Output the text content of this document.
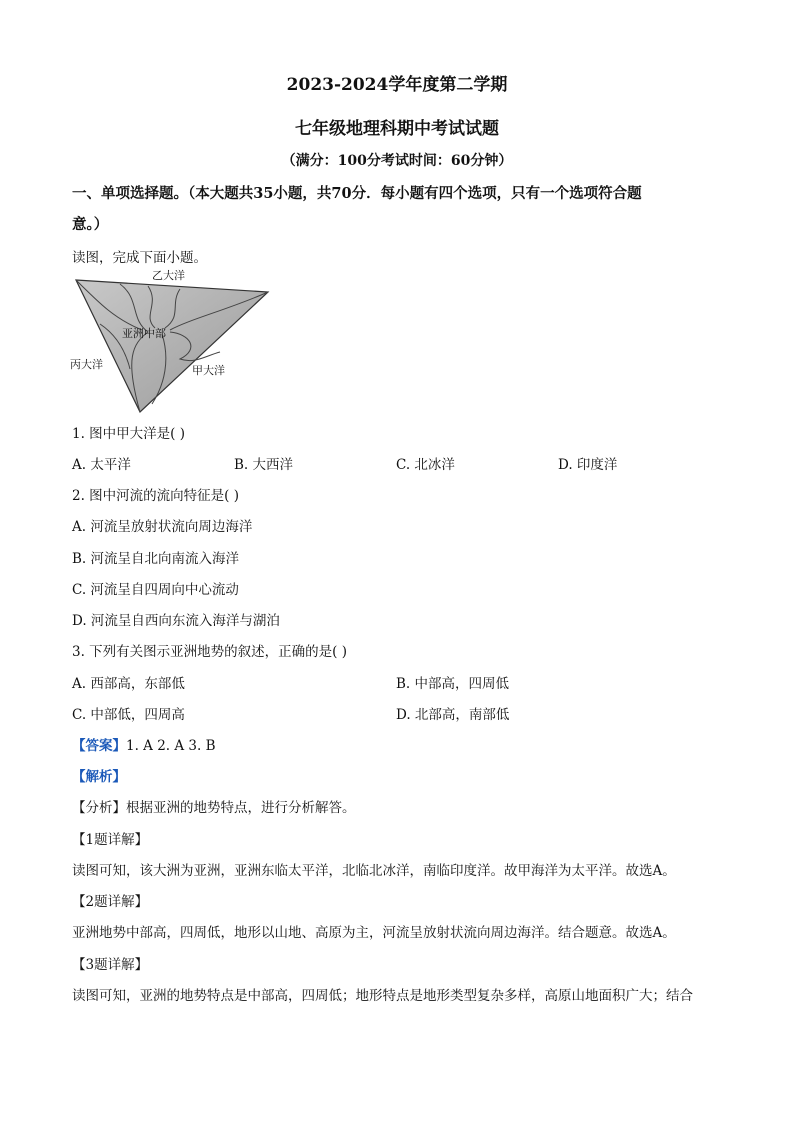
2023-2024学年度第二学期
七年级地理科期中考试试题
（满分：100分考试时间：60分钟）
一、单项选择题。（本大题共35小题，共70分．每小题有四个选项，只有一个选项符合题
意。）
读图，完成下面小题。
乙大洋
亚洲中部
丙大洋	甲大洋
1. 图中甲大洋是( )
A. 太平洋	B. 大西洋	C. 北冰洋	D. 印度洋
2. 图中河流的流向特征是( )
A. 河流呈放射状流向周边海洋
B. 河流呈自北向南流入海洋
C. 河流呈自四周向中心流动
D. 河流呈自西向东流入海洋与湖泊
3. 下列有关图示亚洲地势的叙述，正确的是( )
A. 西部高，东部低	B. 中部高，四周低
C. 中部低，四周高	D. 北部高，南部低
【答案】1. A 2. A 3. B
【解析】
【分析】根据亚洲的地势特点，进行分析解答。
【1题详解】
读图可知，该大洲为亚洲，亚洲东临太平洋，北临北冰洋，南临印度洋。故甲海洋为太平洋。故选A。
【2题详解】
亚洲地势中部高，四周低，地形以山地、高原为主，河流呈放射状流向周边海洋。结合题意。故选A。
【3题详解】
读图可知，亚洲的地势特点是中部高，四周低；地形特点是地形类型复杂多样，高原山地面积广大；结合
